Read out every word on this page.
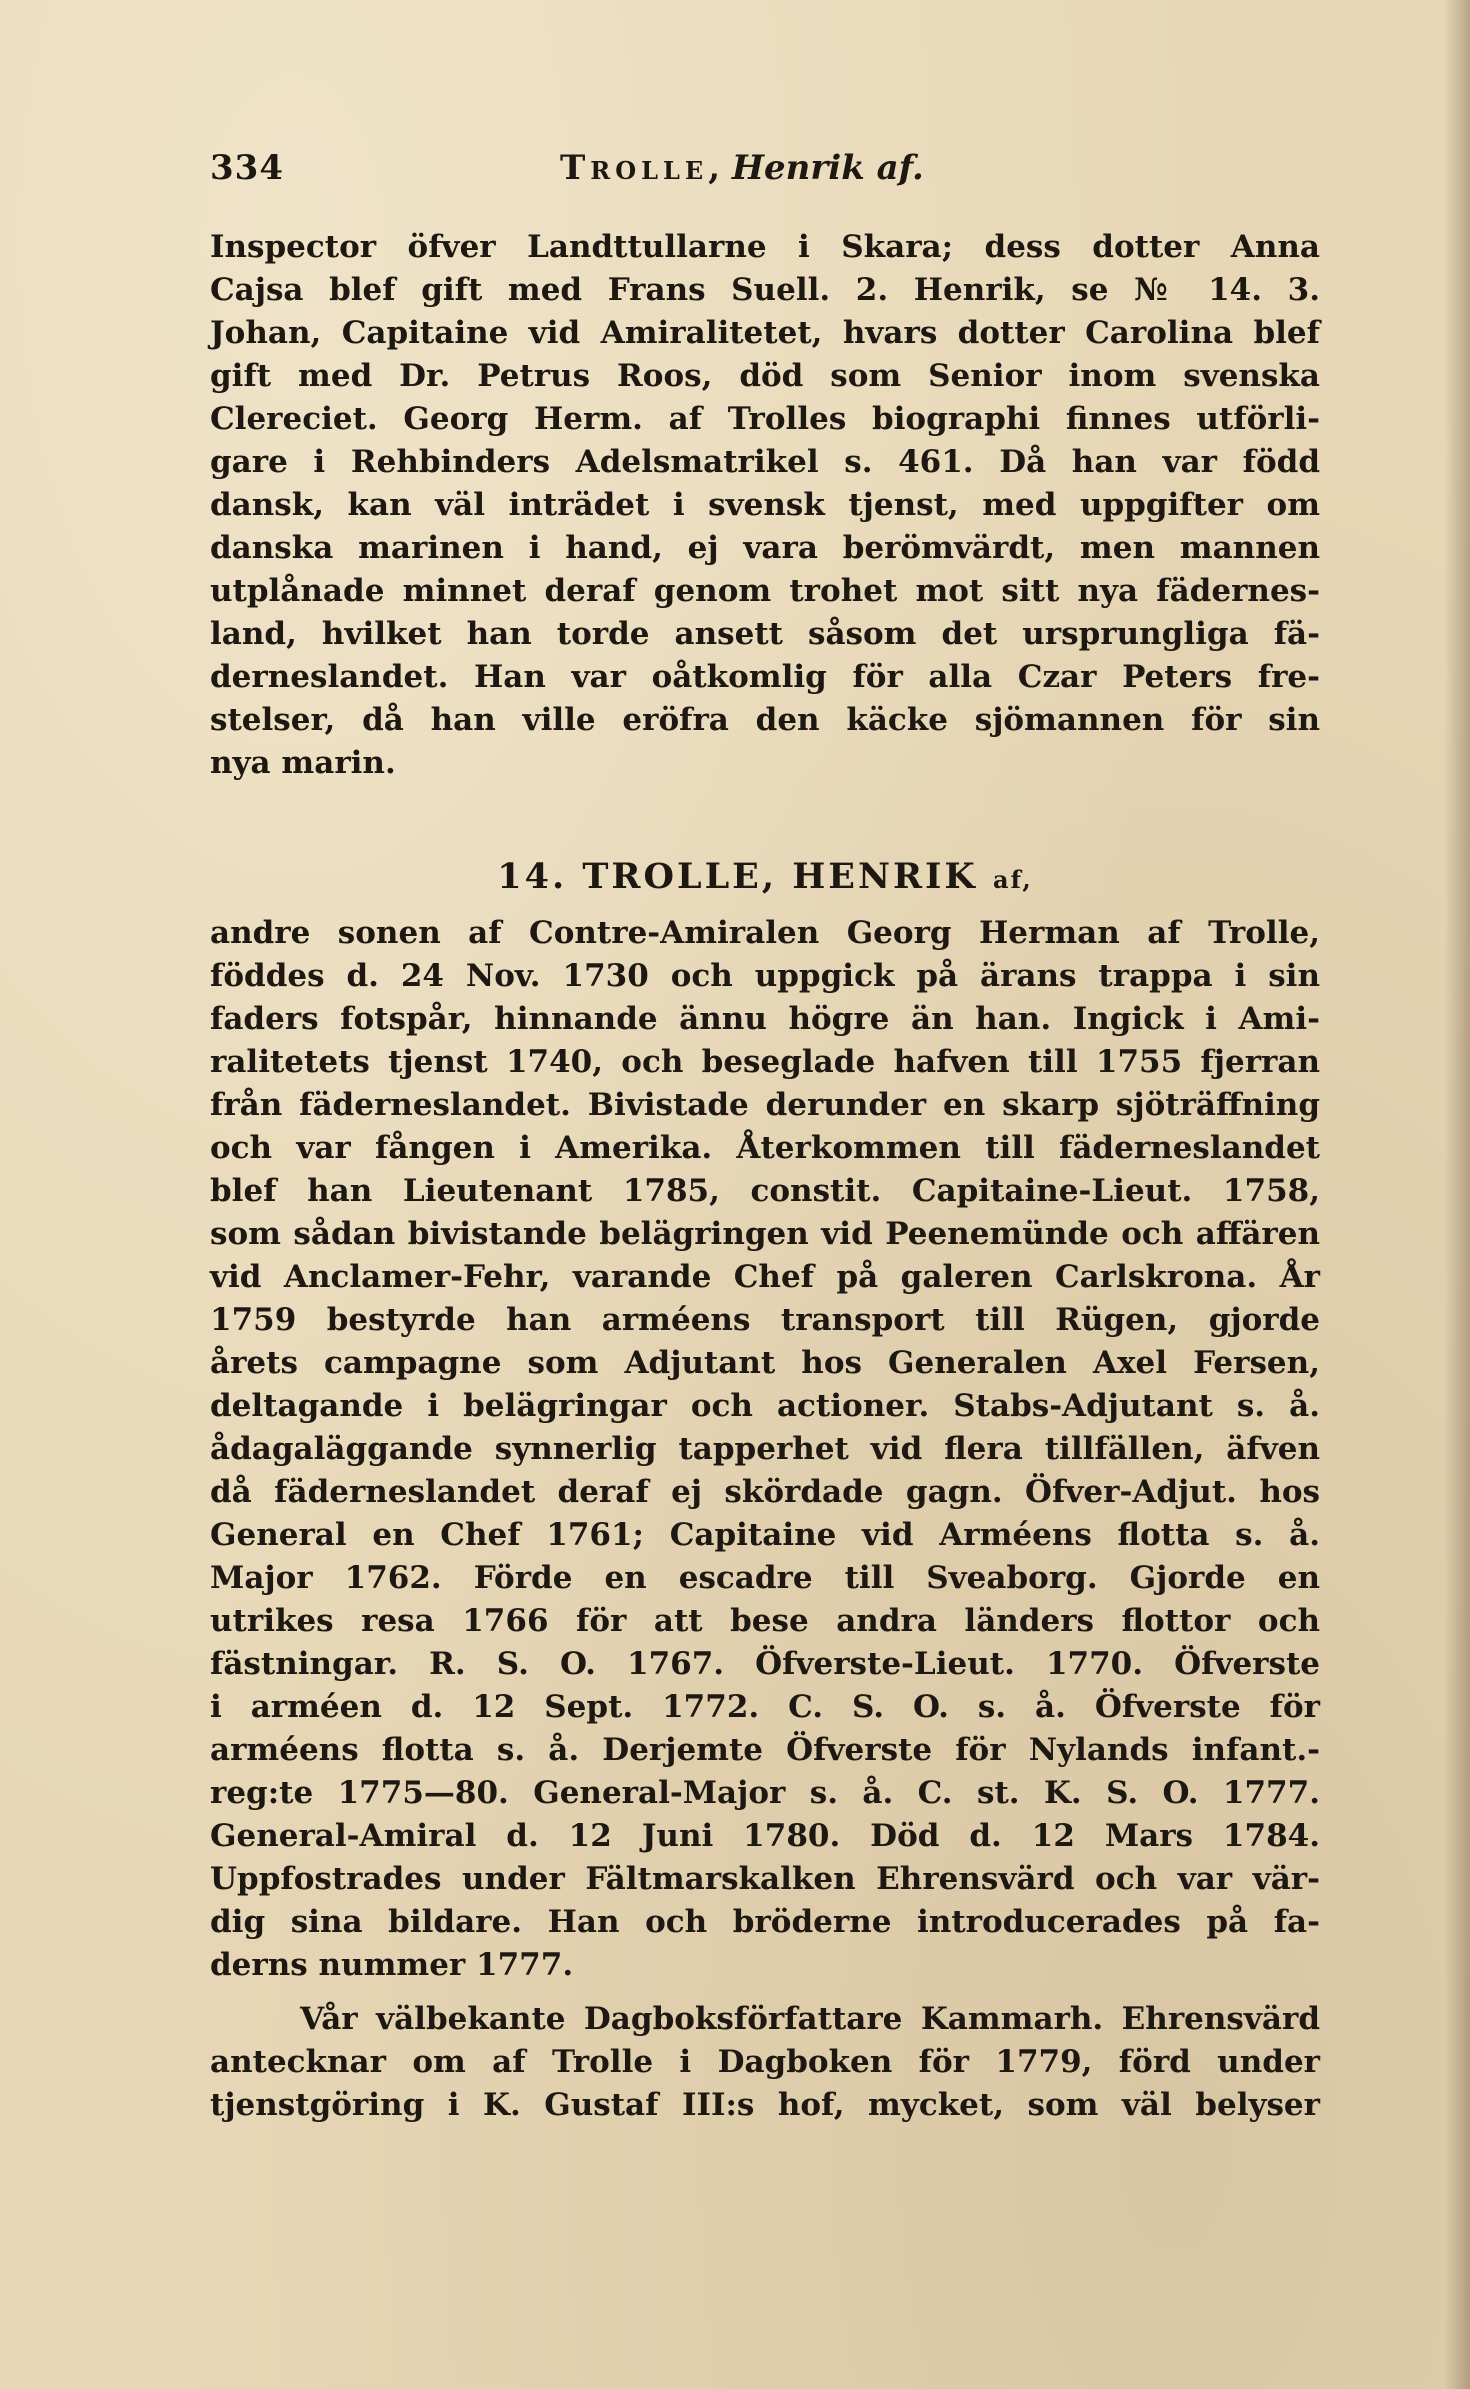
334	Trolle, Henrik af.
Inspector öfver Landttullarne i Skara; dess dotter Anna
Cajsa blef gift med Frans Suell. 2. Henrik, se № 14. 3.
Johan, Capitaine vid Amiralitetet, hvars dotter Carolina blef
gift med Dr. Petrus Roos, död som Senior inom svenska
Clereciet. Georg Herm. af Trolles biographi finnes utförli-
gare i Rehbinders Adelsmatrikel s. 461. Då han var född
dansk, kan väl inträdet i svensk tjenst, med uppgifter om
danska marinen i hand, ej vara berömvärdt, men mannen
utplånade minnet deraf genom trohet mot sitt nya fädernes-
land, hvilket han torde ansett såsom det ursprungliga fä-
derneslandet. Han var oåtkomlig för alla Czar Peters fre-
stelser, då han ville eröfra den käcke sjömannen för sin
nya marin.
14. TROLLE, HENRIK af,
andre sonen af Contre-Amiralen Georg Herman af Trolle,
föddes d. 24 Nov. 1730 och uppgick på ärans trappa i sin
faders fotspår, hinnande ännu högre än han. Ingick i Ami-
ralitetets tjenst 1740, och beseglade hafven till 1755 fjerran
från fäderneslandet. Bivistade derunder en skarp sjöträffning
och var fången i Amerika. Återkommen till fäderneslandet
blef han Lieutenant 1785, constit. Capitaine-Lieut. 1758,
som sådan bivistande belägringen vid Peenemünde och affären
vid Anclamer-Fehr, varande Chef på galeren Carlskrona. År
1759 bestyrde han arméens transport till Rügen, gjorde
årets campagne som Adjutant hos Generalen Axel Fersen,
deltagande i belägringar och actioner. Stabs-Adjutant s. å.
ådagaläggande synnerlig tapperhet vid flera tillfällen, äfven
då fäderneslandet deraf ej skördade gagn. Öfver-Adjut. hos
General en Chef 1761; Capitaine vid Arméens flotta s. å.
Major 1762. Förde en escadre till Sveaborg. Gjorde en
utrikes resa 1766 för att bese andra länders flottor och
fästningar. R. S. O. 1767. Öfverste-Lieut. 1770. Öfverste
i arméen d. 12 Sept. 1772. C. S. O. s. å. Öfverste för
arméens flotta s. å. Derjemte Öfverste för Nylands infant.-
reg:te 1775—80. General-Major s. å. C. st. K. S. O. 1777.
General-Amiral d. 12 Juni 1780. Död d. 12 Mars 1784.
Uppfostrades under Fältmarskalken Ehrensvärd och var vär-
dig sina bildare. Han och bröderne introducerades på fa-
derns nummer 1777.
Vår välbekante Dagboksförfattare Kammarh. Ehrensvärd
antecknar om af Trolle i Dagboken för 1779, förd under
tjenstgöring i K. Gustaf III:s hof, mycket, som väl belyser
